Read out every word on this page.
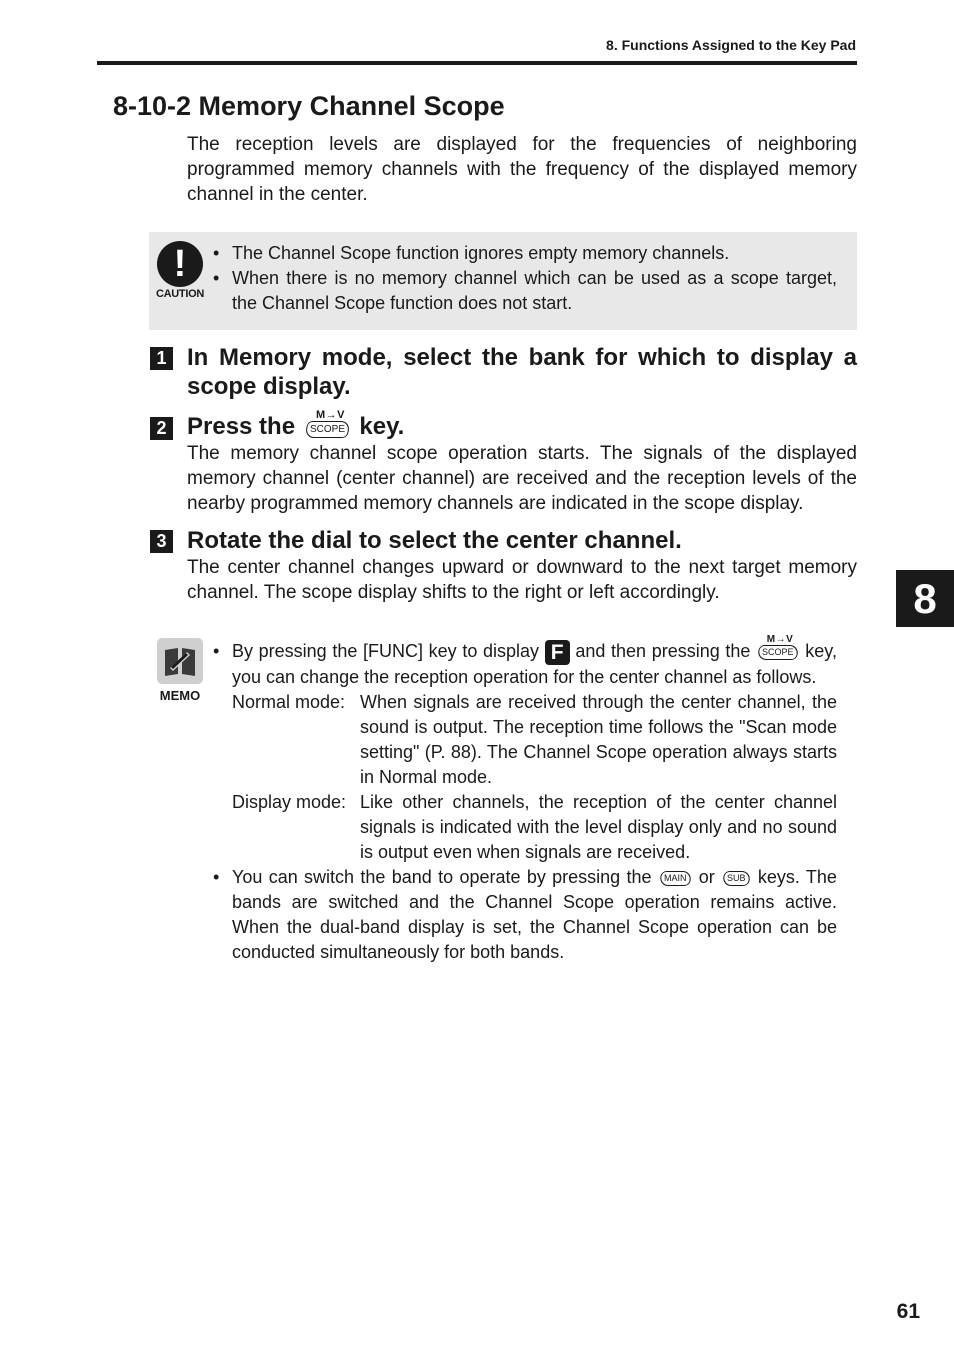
8. Functions Assigned to the Key Pad
8-10-2 Memory Channel Scope
The reception levels are displayed for the frequencies of neighboring programmed memory channels with the frequency of the displayed memory channel in the center.
!
CAUTION
• The Channel Scope function ignores empty memory channels.
• When there is no memory channel which can be used as a scope target, the Channel Scope function does not start.
1 In Memory mode, select the bank for which to display a scope display.
2 Press the M→V
SCOPE key.
The memory channel scope operation starts. The signals of the displayed memory channel (center channel) are received and the reception levels of the nearby programmed memory channels are indicated in the scope display.
3 Rotate the dial to select the center channel.
The center channel changes upward or downward to the next target memory channel. The scope display shifts to the right or left accordingly.
MEMO
• By pressing the [FUNC] key to display F and then pressing the
M→V
SCOPE key, you can change the reception operation for the center channel as follows.
Normal mode: When signals are received through the center channel, the sound is output. The reception time follows the "Scan mode setting" (P. 88). The Channel Scope operation always starts in Normal mode.
Display mode: Like other channels, the reception of the center channel signals is indicated with the level display only and no sound is output even when signals are received.
• You can switch the band to operate by pressing the MAIN or SUB keys. The bands are switched and the Channel Scope operation remains active. When the dual-band display is set, the Channel Scope operation can be conducted simultaneously for both bands.
8
61
